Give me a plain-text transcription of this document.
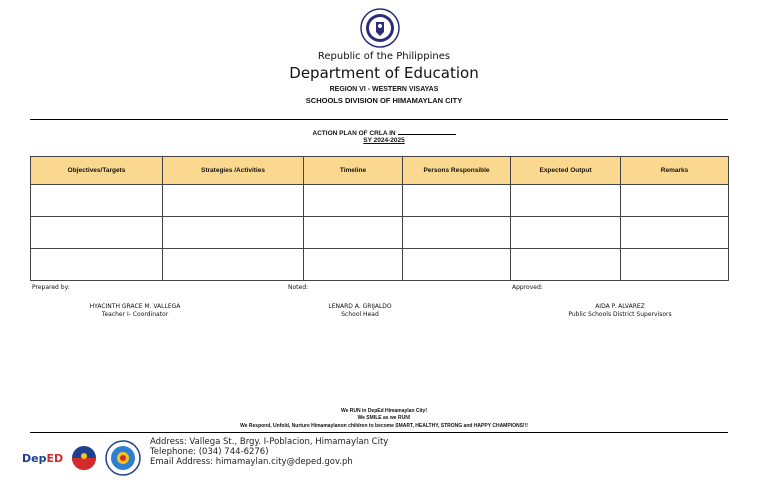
Republic of the Philippines
Department of Education
REGION VI - WESTERN VISAYAS
SCHOOLS DIVISION OF HIMAMAYLAN CITY
ACTION PLAN OF CRLA IN
SY 2024-2025
Objectives/Targets	Strategies /Activities	Timeline	Persons Responsible	Expected Output	Remarks

Prepared by:	Noted:	Approved:
HYACINTH GRACE M. VALLEGA
Teacher I- Coordinator
LENARD A. GRIJALDO
School Head
AIDA P. ALVAREZ
Public Schools District Supervisors
We RUN in DepEd Himamaylan City!
We SMILE as we RUN!
We Respond, Unfold, Nurture Himamaylanon children to become SMART, HEALTHY, STRONG and HAPPY CHAMPIONS!!!
DepED
Address: Vallega St., Brgy. I-Poblacion, Himamaylan City
Telephone: (034) 744-6276)
Email Address: himamaylan.city@deped.gov.ph
